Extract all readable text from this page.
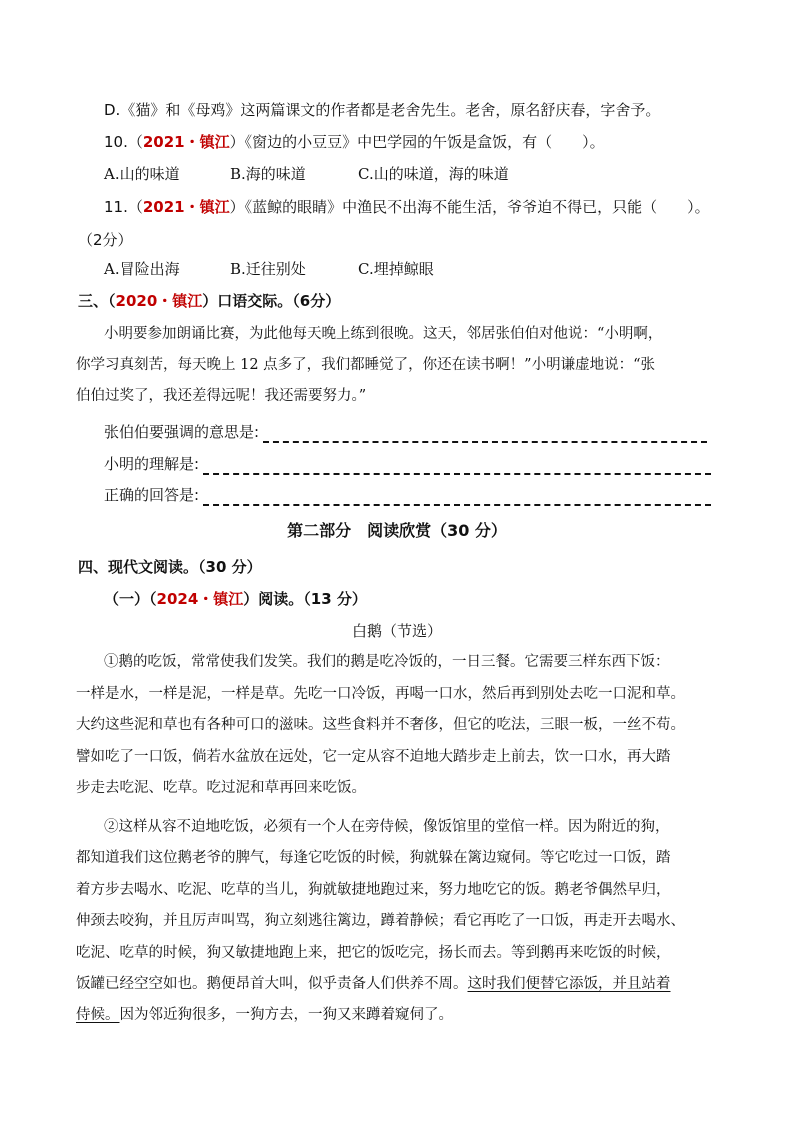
D.《猫》和《母鸡》这两篇课文的作者都是老舍先生。老舍，原名舒庆春，字舍予。
10.（2021・镇江）《窗边的小豆豆》中巴学园的午饭是盒饭，有（　　）。
A.山的味道	B.海的味道	C.山的味道，海的味道
11.（2021・镇江）《蓝鲸的眼睛》中渔民不出海不能生活，爷爷迫不得已，只能（　　）。
（2分）
A.冒险出海	B.迁往别处	C.埋掉鲸眼
三、（2020・镇江）口语交际。（6分）
小明要参加朗诵比赛，为此他每天晚上练到很晚。这天，邻居张伯伯对他说：“小明啊，
你学习真刻苦，每天晚上 12 点多了，我们都睡觉了，你还在读书啊！”小明谦虚地说：“张
伯伯过奖了，我还差得远呢！我还需要努力。”
张伯伯要强调的意思是:
小明的理解是:
正确的回答是:
第二部分　阅读欣赏（30 分）
四、现代文阅读。（30 分）
（一）（2024・镇江）阅读。（13 分）
白鹅（节选）
①鹅的吃饭，常常使我们发笑。我们的鹅是吃冷饭的，一日三餐。它需要三样东西下饭：
一样是水，一样是泥，一样是草。先吃一口冷饭，再喝一口水，然后再到别处去吃一口泥和草。
大约这些泥和草也有各种可口的滋味。这些食料并不奢侈，但它的吃法，三眼一板，一丝不苟。
譬如吃了一口饭，倘若水盆放在远处，它一定从容不迫地大踏步走上前去，饮一口水，再大踏
步走去吃泥、吃草。吃过泥和草再回来吃饭。
②这样从容不迫地吃饭，必须有一个人在旁侍候，像饭馆里的堂倌一样。因为附近的狗，
都知道我们这位鹅老爷的脾气，每逢它吃饭的时候，狗就躲在篱边窥伺。等它吃过一口饭，踏
着方步去喝水、吃泥、吃草的当儿，狗就敏捷地跑过来，努力地吃它的饭。鹅老爷偶然早归，
伸颈去咬狗，并且厉声叫骂，狗立刻逃往篱边，蹲着静候；看它再吃了一口饭，再走开去喝水、
吃泥、吃草的时候，狗又敏捷地跑上来，把它的饭吃完，扬长而去。等到鹅再来吃饭的时候，
饭罐已经空空如也。鹅便昂首大叫，似乎责备人们供养不周。这时我们便替它添饭，并且站着
侍候。因为邻近狗很多，一狗方去，一狗又来蹲着窥伺了。
